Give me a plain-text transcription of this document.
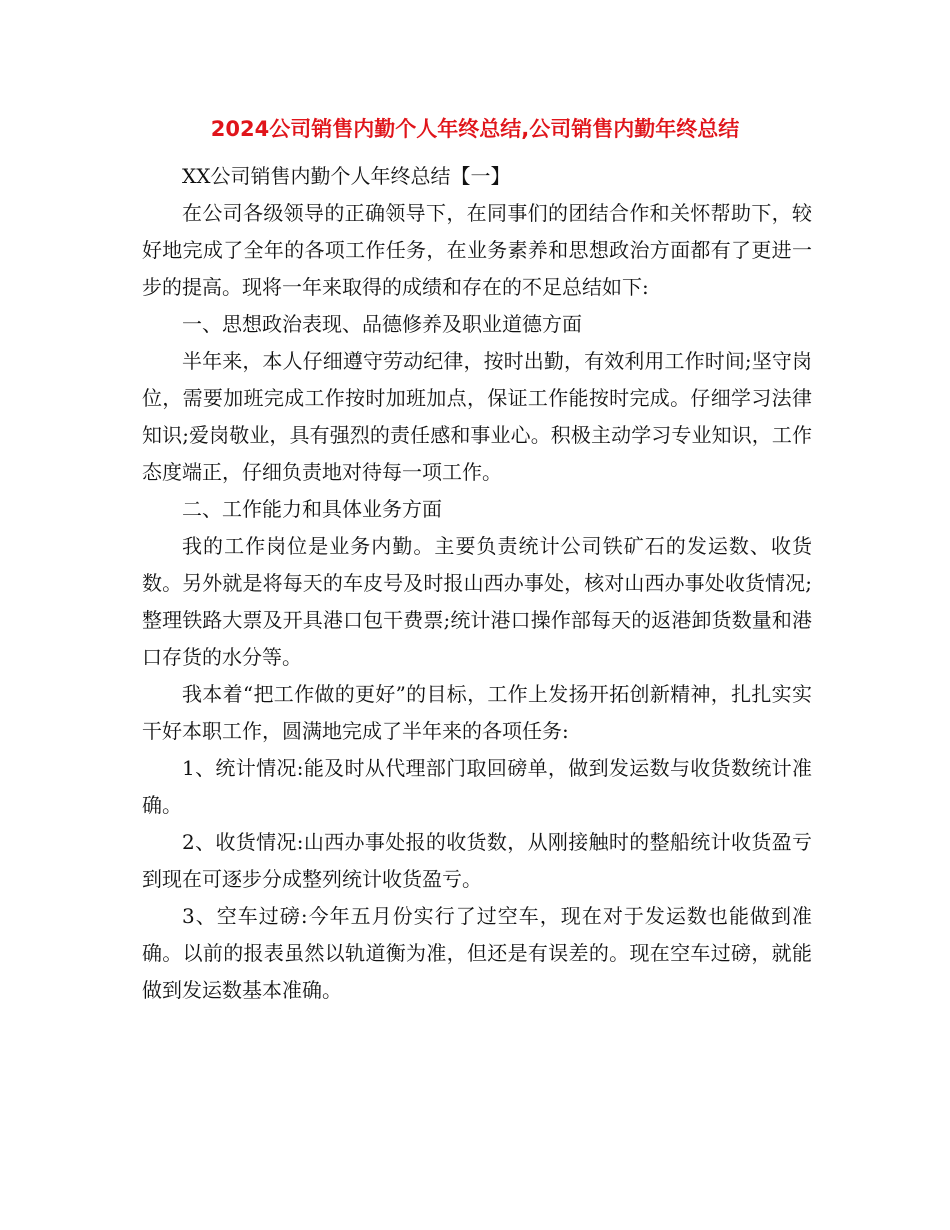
2024公司销售内勤个人年终总结,公司销售内勤年终总结

XX公司销售内勤个人年终总结【一】

在公司各级领导的正确领导下，在同事们的团结合作和关怀帮助下，较好地完成了全年的各项工作任务，在业务素养和思想政治方面都有了更进一步的提高。现将一年来取得的成绩和存在的不足总结如下:

一、思想政治表现、品德修养及职业道德方面

半年来，本人仔细遵守劳动纪律，按时出勤，有效利用工作时间;坚守岗位，需要加班完成工作按时加班加点，保证工作能按时完成。仔细学习法律知识;爱岗敬业，具有强烈的责任感和事业心。积极主动学习专业知识，工作态度端正，仔细负责地对待每一项工作。

二、工作能力和具体业务方面

我的工作岗位是业务内勤。主要负责统计公司铁矿石的发运数、收货数。另外就是将每天的车皮号及时报山西办事处，核对山西办事处收货情况;整理铁路大票及开具港口包干费票;统计港口操作部每天的返港卸货数量和港口存货的水分等。

我本着“把工作做的更好”的目标，工作上发扬开拓创新精神，扎扎实实干好本职工作，圆满地完成了半年来的各项任务:

1、统计情况:能及时从代理部门取回磅单，做到发运数与收货数统计准确。

2、收货情况:山西办事处报的收货数，从刚接触时的整船统计收货盈亏到现在可逐步分成整列统计收货盈亏。

3、空车过磅:今年五月份实行了过空车，现在对于发运数也能做到准确。以前的报表虽然以轨道衡为准，但还是有误差的。现在空车过磅，就能做到发运数基本准确。
